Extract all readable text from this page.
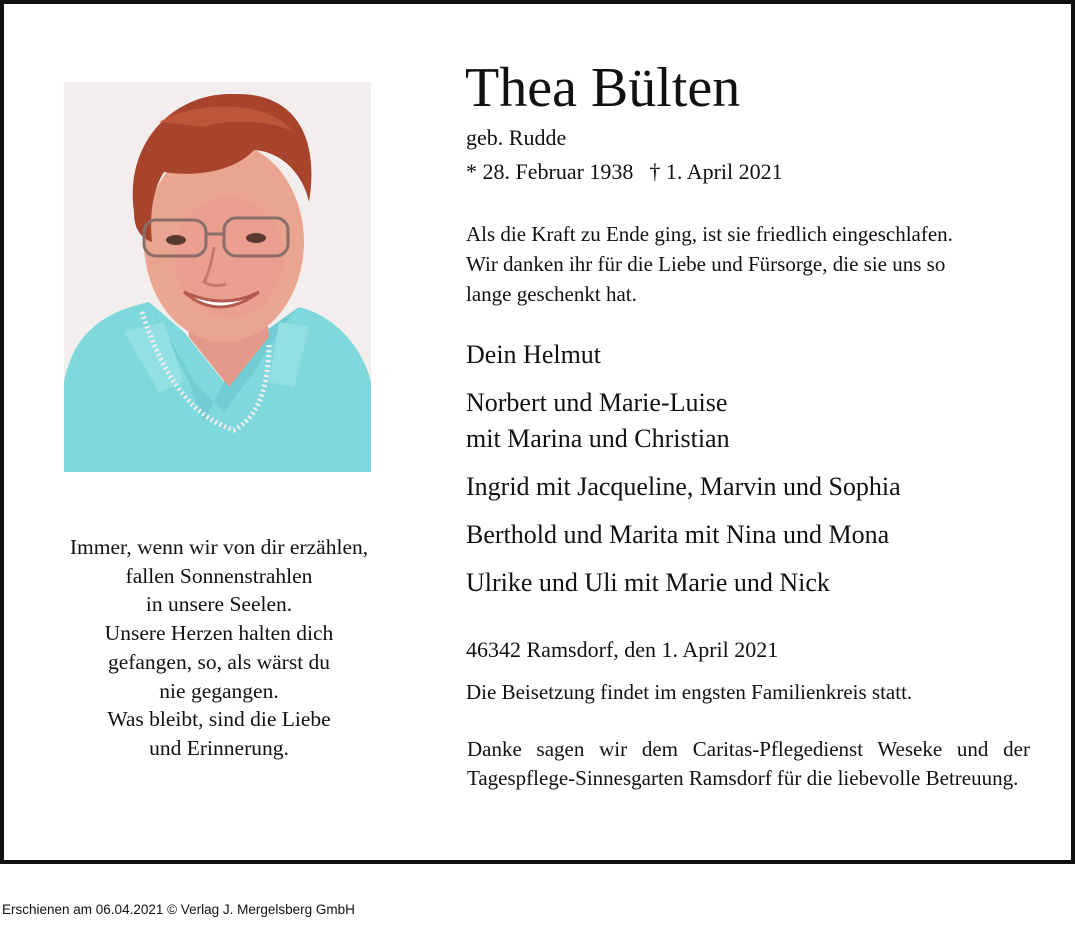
Immer, wenn wir von dir erzählen,
fallen Sonnenstrahlen
in unsere Seelen.
Unsere Herzen halten dich
gefangen, so, als wärst du
nie gegangen.
Was bleibt, sind die Liebe
und Erinnerung.
Thea Bülten
geb. Rudde
* 28. Februar 1938 † 1. April 2021
Als die Kraft zu Ende ging, ist sie friedlich eingeschlafen.
Wir danken ihr für die Liebe und Fürsorge, die sie uns so
lange geschenkt hat.
Dein Helmut
Norbert und Marie-Luise
mit Marina und Christian
Ingrid mit Jacqueline, Marvin und Sophia
Berthold und Marita mit Nina und Mona
Ulrike und Uli mit Marie und Nick
46342 Ramsdorf, den 1. April 2021
Die Beisetzung findet im engsten Familienkreis statt.
Danke sagen wir dem Caritas-Pflegedienst Weseke und der Tagespflege-Sinnesgarten Ramsdorf für die liebevolle Betreuung.
Erschienen am 06.04.2021 © Verlag J. Mergelsberg GmbH
